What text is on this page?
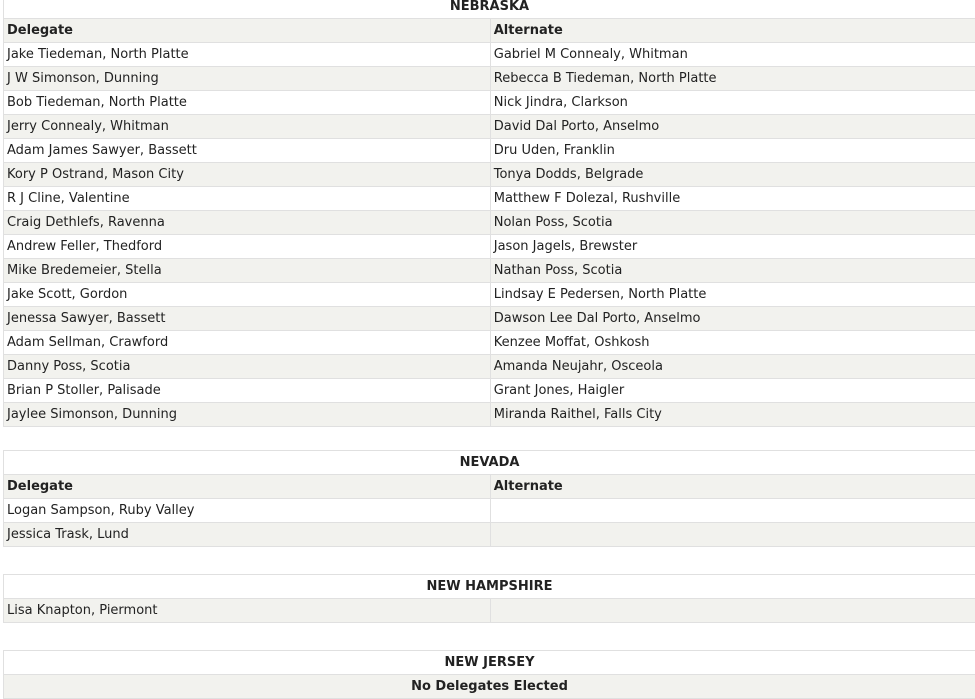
NEBRASKA	
Delegate	Alternate
Jake Tiedeman, North Platte	Gabriel M Connealy, Whitman
J W Simonson, Dunning	Rebecca B Tiedeman, North Platte
Bob Tiedeman, North Platte	Nick Jindra, Clarkson
Jerry Connealy, Whitman	David Dal Porto, Anselmo
Adam James Sawyer, Bassett	Dru Uden, Franklin
Kory P Ostrand, Mason City	Tonya Dodds, Belgrade
R J Cline, Valentine	Matthew F Dolezal, Rushville
Craig Dethlefs, Ravenna	Nolan Poss, Scotia
Andrew Feller, Thedford	Jason Jagels, Brewster
Mike Bredemeier, Stella	Nathan Poss, Scotia
Jake Scott, Gordon	Lindsay E Pedersen, North Platte
Jenessa Sawyer, Bassett	Dawson Lee Dal Porto, Anselmo
Adam Sellman, Crawford	Kenzee Moffat, Oshkosh
Danny Poss, Scotia	Amanda Neujahr, Osceola
Brian P Stoller, Palisade	Grant Jones, Haigler
Jaylee Simonson, Dunning	Miranda Raithel, Falls City
NEVADA	
Delegate	Alternate
Logan Sampson, Ruby Valley	
Jessica Trask, Lund	
NEW HAMPSHIRE
Lisa Knapton, Piermont	
NEW JERSEY
No Delegates Elected
